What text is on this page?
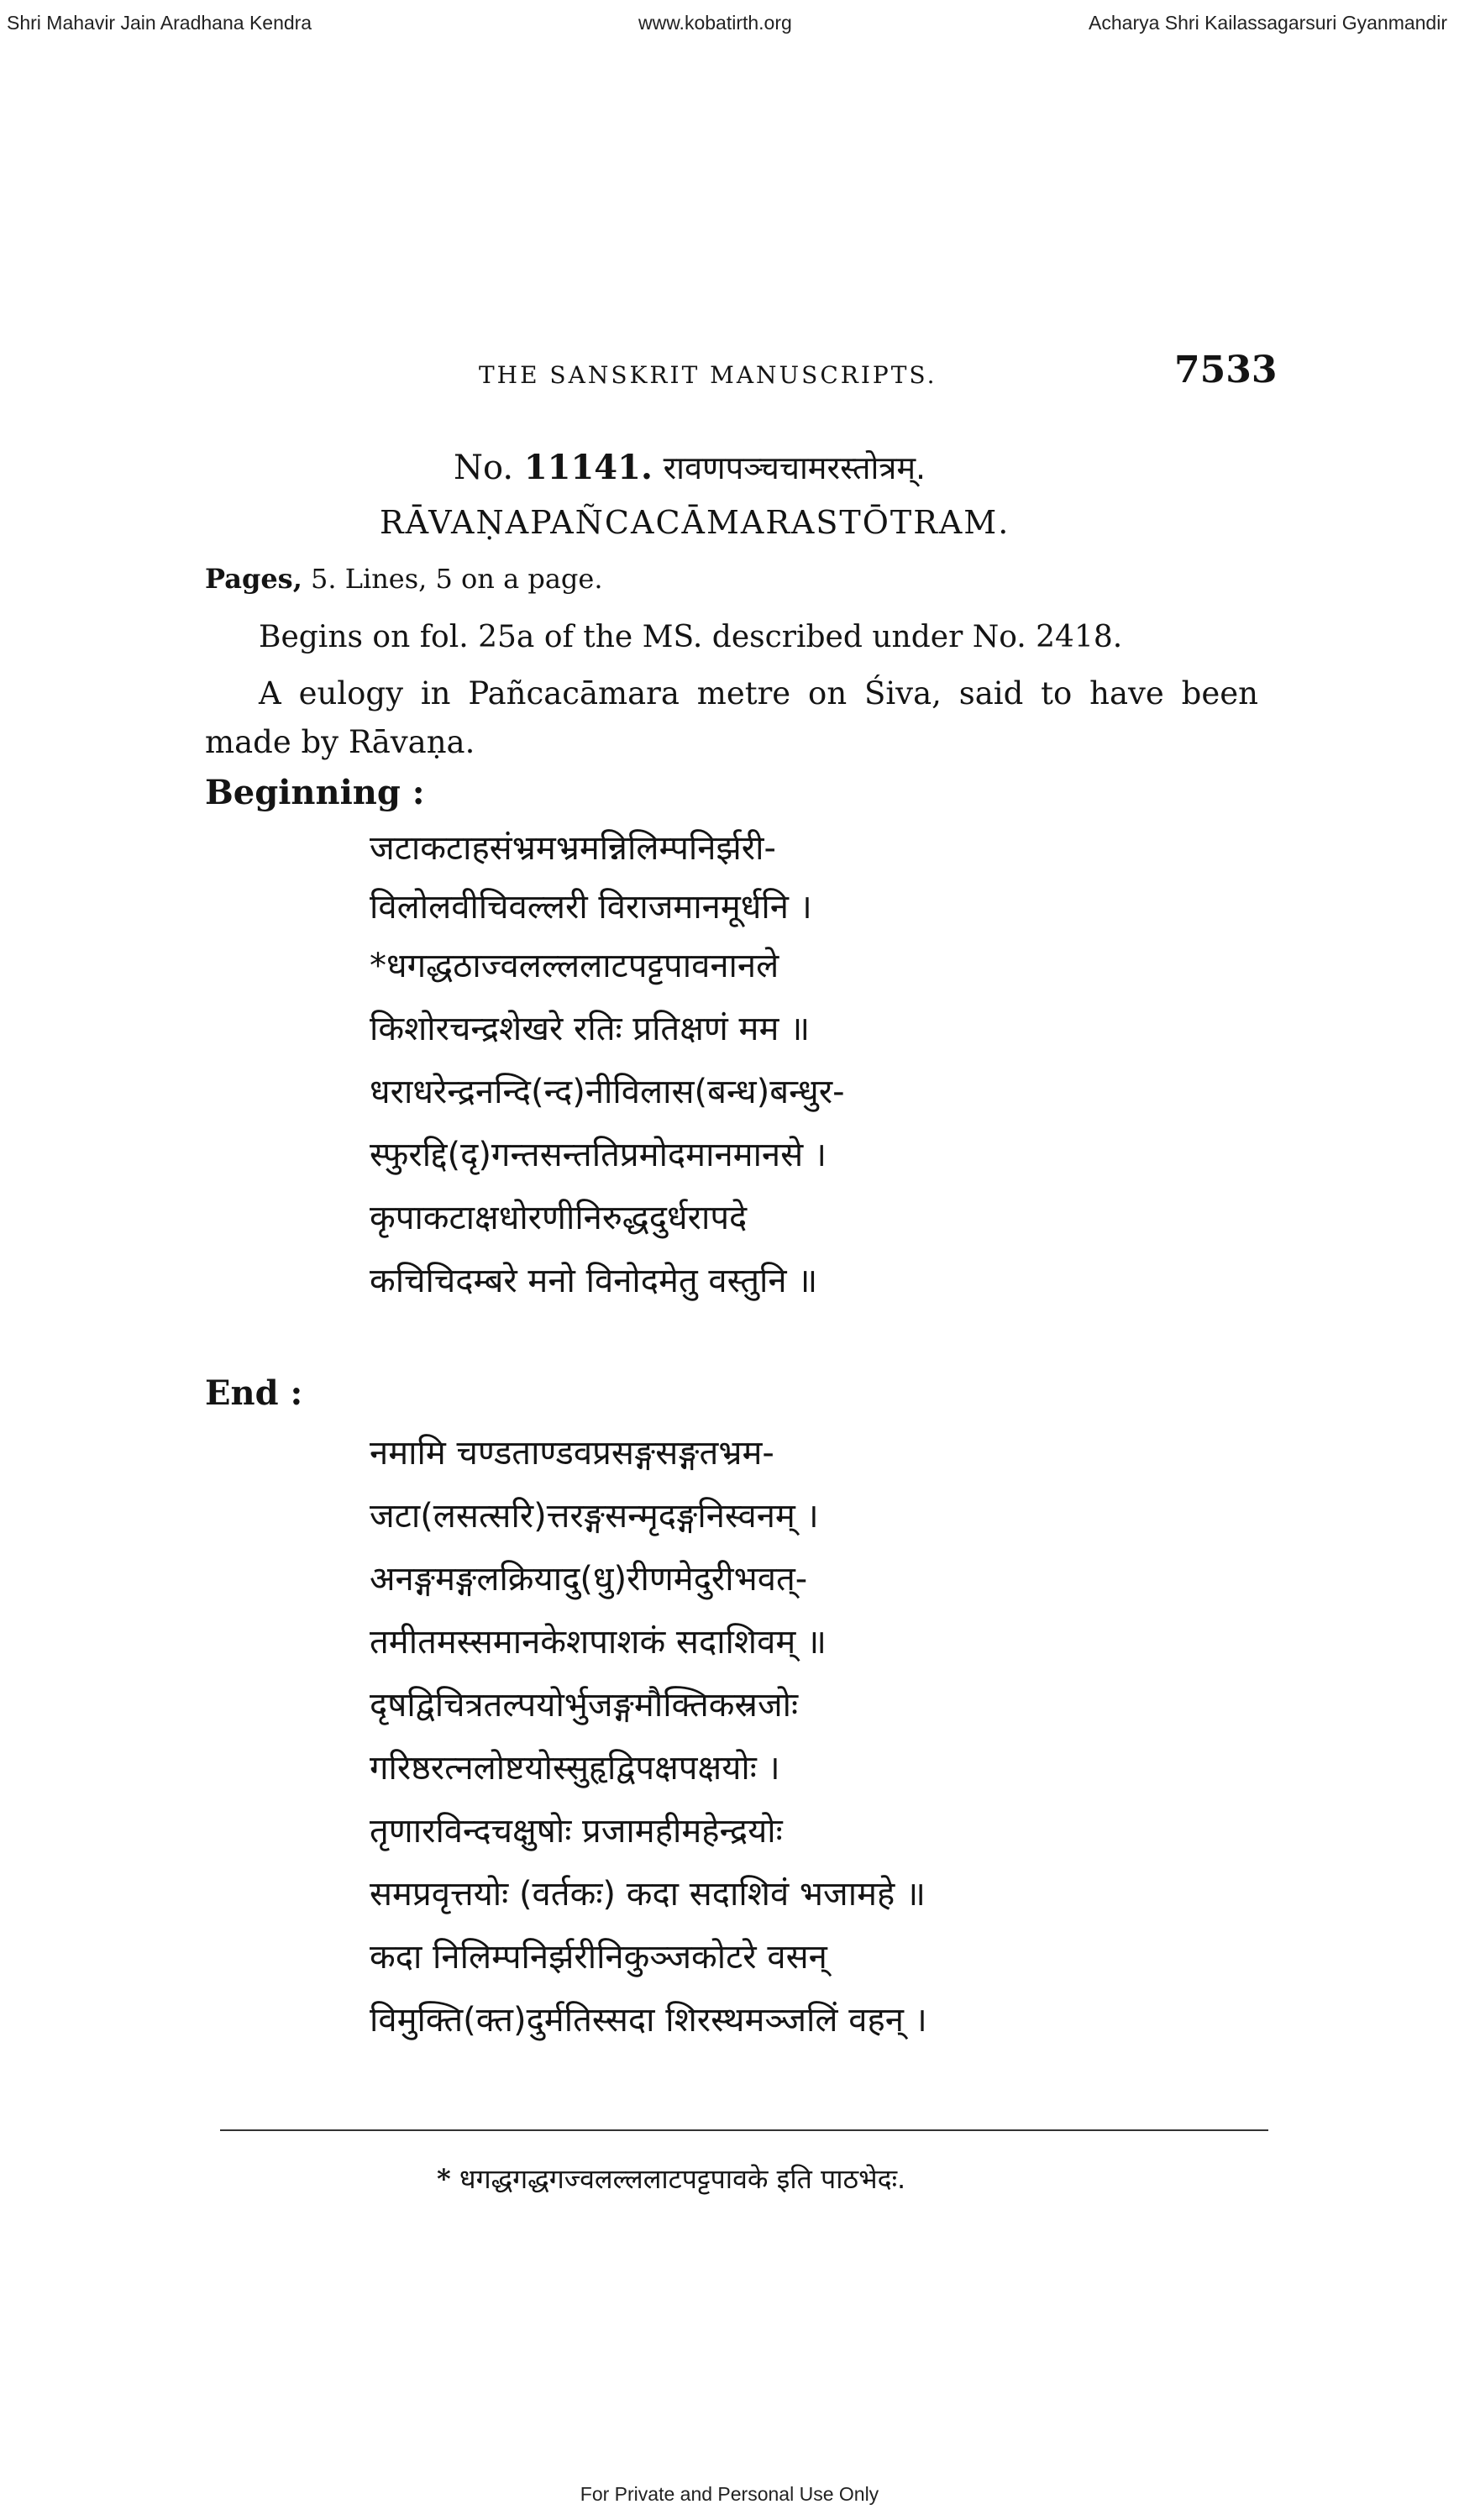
Shri Mahavir Jain Aradhana Kendra	www.kobatirth.org	Acharya Shri Kailassagarsuri Gyanmandir
THE SANSKRIT MANUSCRIPTS.	7533
No. 11141. रावणपञ्चचामरस्तोत्रम्.
RĀVAṆAPAÑCACĀMARASTŌTRAM.
Pages, 5. Lines, 5 on a page.
Begins on fol. 25a of the MS. described under No. 2418.
A eulogy in Pañcacāmara metre on Śiva, said to have been made by Rāvaṇa.
Beginning :
जटाकटाहसंभ्रमभ्रमन्निलिम्पनिर्झरी-
विलोलवीचिवल्लरी विराजमानमूर्धनि ।
*धगद्धठाज्वलल्ललाटपट्टपावनानले
किशोरचन्द्रशेखरे रतिः प्रतिक्षणं मम ॥
धराधरेन्द्रनन्दि(न्द)नीविलास(बन्ध)बन्धुर-
स्फुरद्दि(दृ)गन्तसन्ततिप्रमोदमानमानसे ।
कृपाकटाक्षधोरणीनिरुद्धदुर्धरापदे
कचिचिदम्बरे मनो विनोदमेतु वस्तुनि ॥
End :
नमामि चण्डताण्डवप्रसङ्गसङ्गतभ्रम-
जटा(लसत्सरि)त्तरङ्गसन्मृदङ्गनिस्वनम् ।
अनङ्गमङ्गलक्रियादु(धु)रीणमेदुरीभवत्-
तमीतमस्समानकेशपाशकं सदाशिवम् ॥
दृषद्विचित्रतल्पयोर्भुजङ्गमौक्तिकस्रजोः
गरिष्ठरत्नलोष्टयोस्सुहृद्विपक्षपक्षयोः ।
तृणारविन्दचक्षुषोः प्रजामहीमहेन्द्रयोः
समप्रवृत्तयोः (वर्तकः) कदा सदाशिवं भजामहे ॥
कदा निलिम्पनिर्झरीनिकुञ्जकोटरे वसन्
विमुक्ति(क्त)दुर्मतिस्सदा शिरस्थमञ्जलिं वहन् ।
* धगद्धगद्धगज्वलल्ललाटपट्टपावके इति पाठभेदः.
For Private and Personal Use Only
